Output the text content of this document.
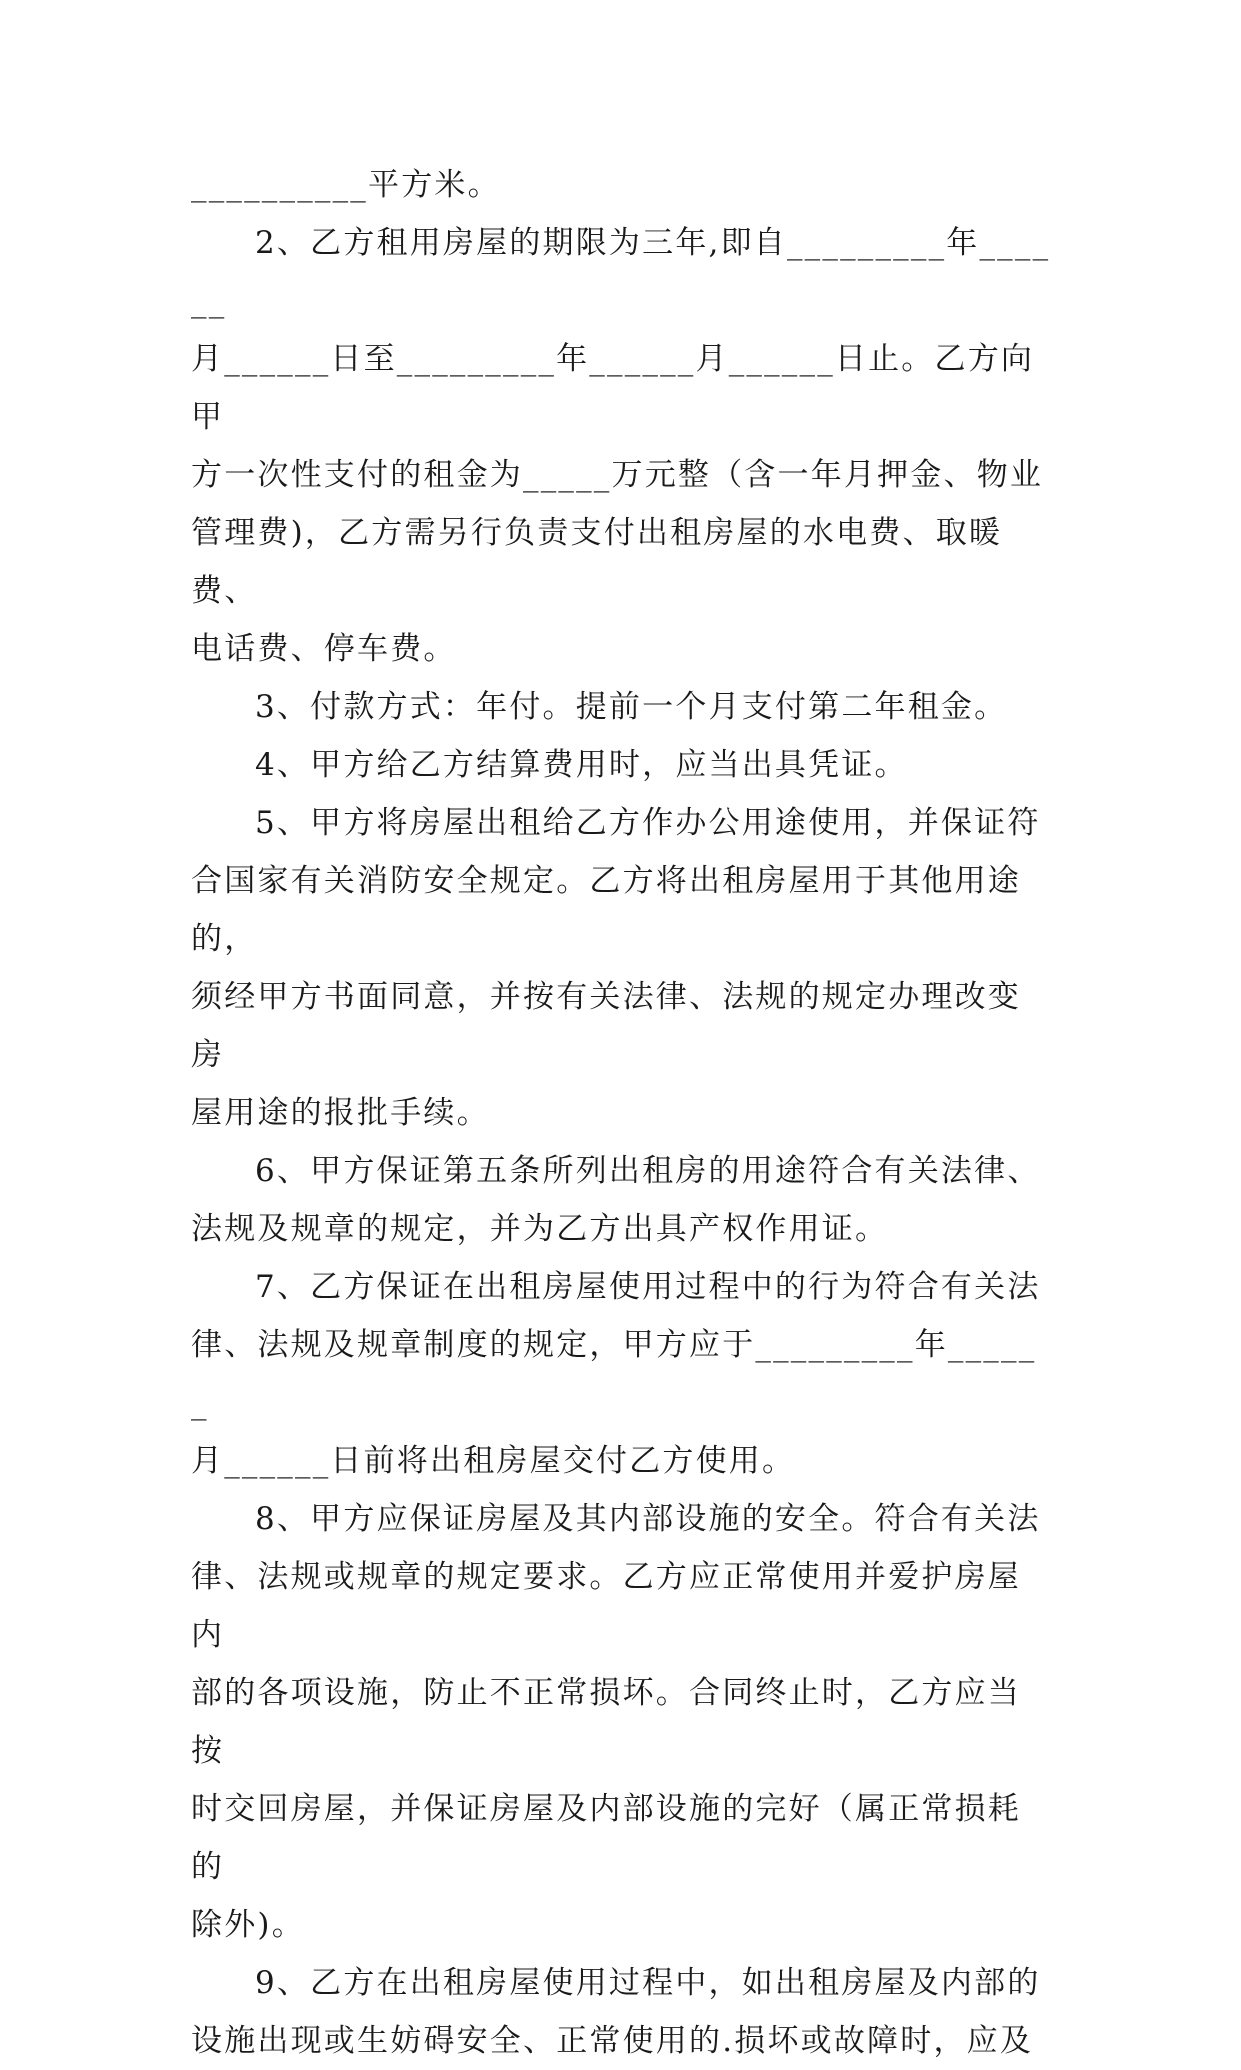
__________平方米。
2、乙方租用房屋的期限为三年,即自_________年______
月______日至_________年______月______日止。乙方向甲
方一次性支付的租金为_____万元整（含一年月押金、物业
管理费)，乙方需另行负责支付出租房屋的水电费、取暖费、
电话费、停车费。
3、付款方式：年付。提前一个月支付第二年租金。
4、甲方给乙方结算费用时，应当出具凭证。
5、甲方将房屋出租给乙方作办公用途使用，并保证符
合国家有关消防安全规定。乙方将出租房屋用于其他用途的，
须经甲方书面同意，并按有关法律、法规的规定办理改变房
屋用途的报批手续。
6、甲方保证第五条所列出租房的用途符合有关法律、
法规及规章的规定，并为乙方出具产权作用证。
7、乙方保证在出租房屋使用过程中的行为符合有关法
律、法规及规章制度的规定，甲方应于_________年______
月______日前将出租房屋交付乙方使用。
8、甲方应保证房屋及其内部设施的安全。符合有关法
律、法规或规章的规定要求。乙方应正常使用并爱护房屋内
部的各项设施，防止不正常损坏。合同终止时，乙方应当按
时交回房屋，并保证房屋及内部设施的完好（属正常损耗的
除外)。
9、乙方在出租房屋使用过程中，如出租房屋及内部的
设施出现或生妨碍安全、正常使用的.损坏或故障时，应及
